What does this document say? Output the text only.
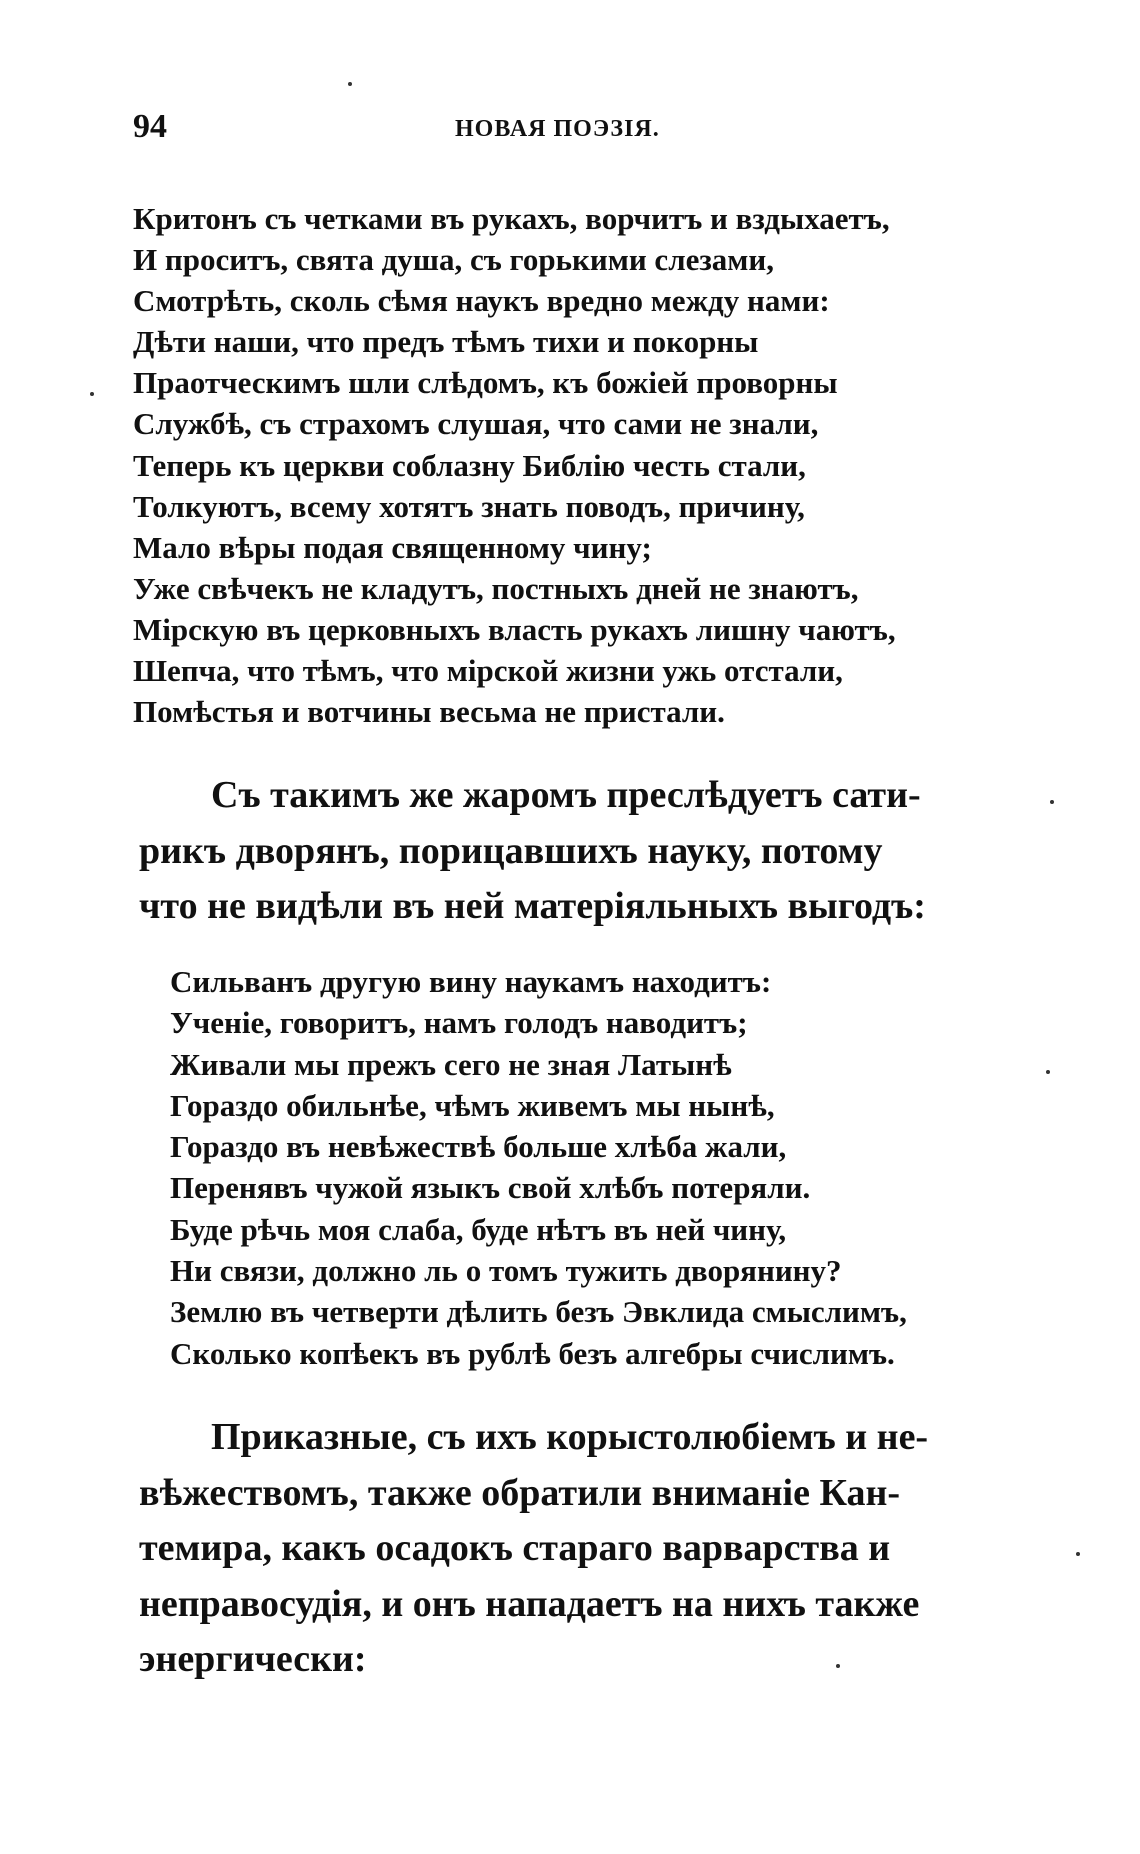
94	НОВАЯ ПОЭЗІЯ.
Критонъ съ четками въ рукахъ, ворчитъ и вздыхаетъ,
И проситъ, свята душа, съ горькими слезами,
Смотрѣть, сколь сѣмя наукъ вредно между нами:
Дѣти наши, что предъ тѣмъ тихи и покорны
Праотческимъ шли слѣдомъ, къ божіей проворны
Службѣ, съ страхомъ слушая, что сами не знали,
Теперь къ церкви соблазну Библію честь стали,
Толкуютъ, всему хотятъ знать поводъ, причину,
Мало вѣры подая священному чину;
Уже свѣчекъ не кладутъ, постныхъ дней не знаютъ,
Мірскую въ церковныхъ власть рукахъ лишну чаютъ,
Шепча, что тѣмъ, что мірской жизни ужь отстали,
Помѣстья и вотчины весьма не пристали.
Съ такимъ же жаромъ преслѣдуетъ сати-
рикъ дворянъ, порицавшихъ науку, потому
что не видѣли въ ней матеріяльныхъ выгодъ:
Сильванъ другую вину наукамъ находитъ:
Ученіе, говоритъ, намъ голодъ наводитъ;
Живали мы прежъ сего не зная Латынѣ
Гораздо обильнѣе, чѣмъ живемъ мы нынѣ,
Гораздо въ невѣжествѣ больше хлѣба жали,
Перенявъ чужой языкъ свой хлѣбъ потеряли.
Буде рѣчь моя слаба, буде нѣтъ въ ней чину,
Ни связи, должно ль о томъ тужить дворянину?
Землю въ четверти дѣлить безъ Эвклида смыслимъ,
Сколько копѣекъ въ рублѣ безъ алгебры счислимъ.
Приказные, съ ихъ корыстолюбіемъ и не-
вѣжествомъ, также обратили вниманіе Кан-
темира, какъ осадокъ стараго варварства и
неправосудія, и онъ нападаетъ на нихъ также
энергически:
